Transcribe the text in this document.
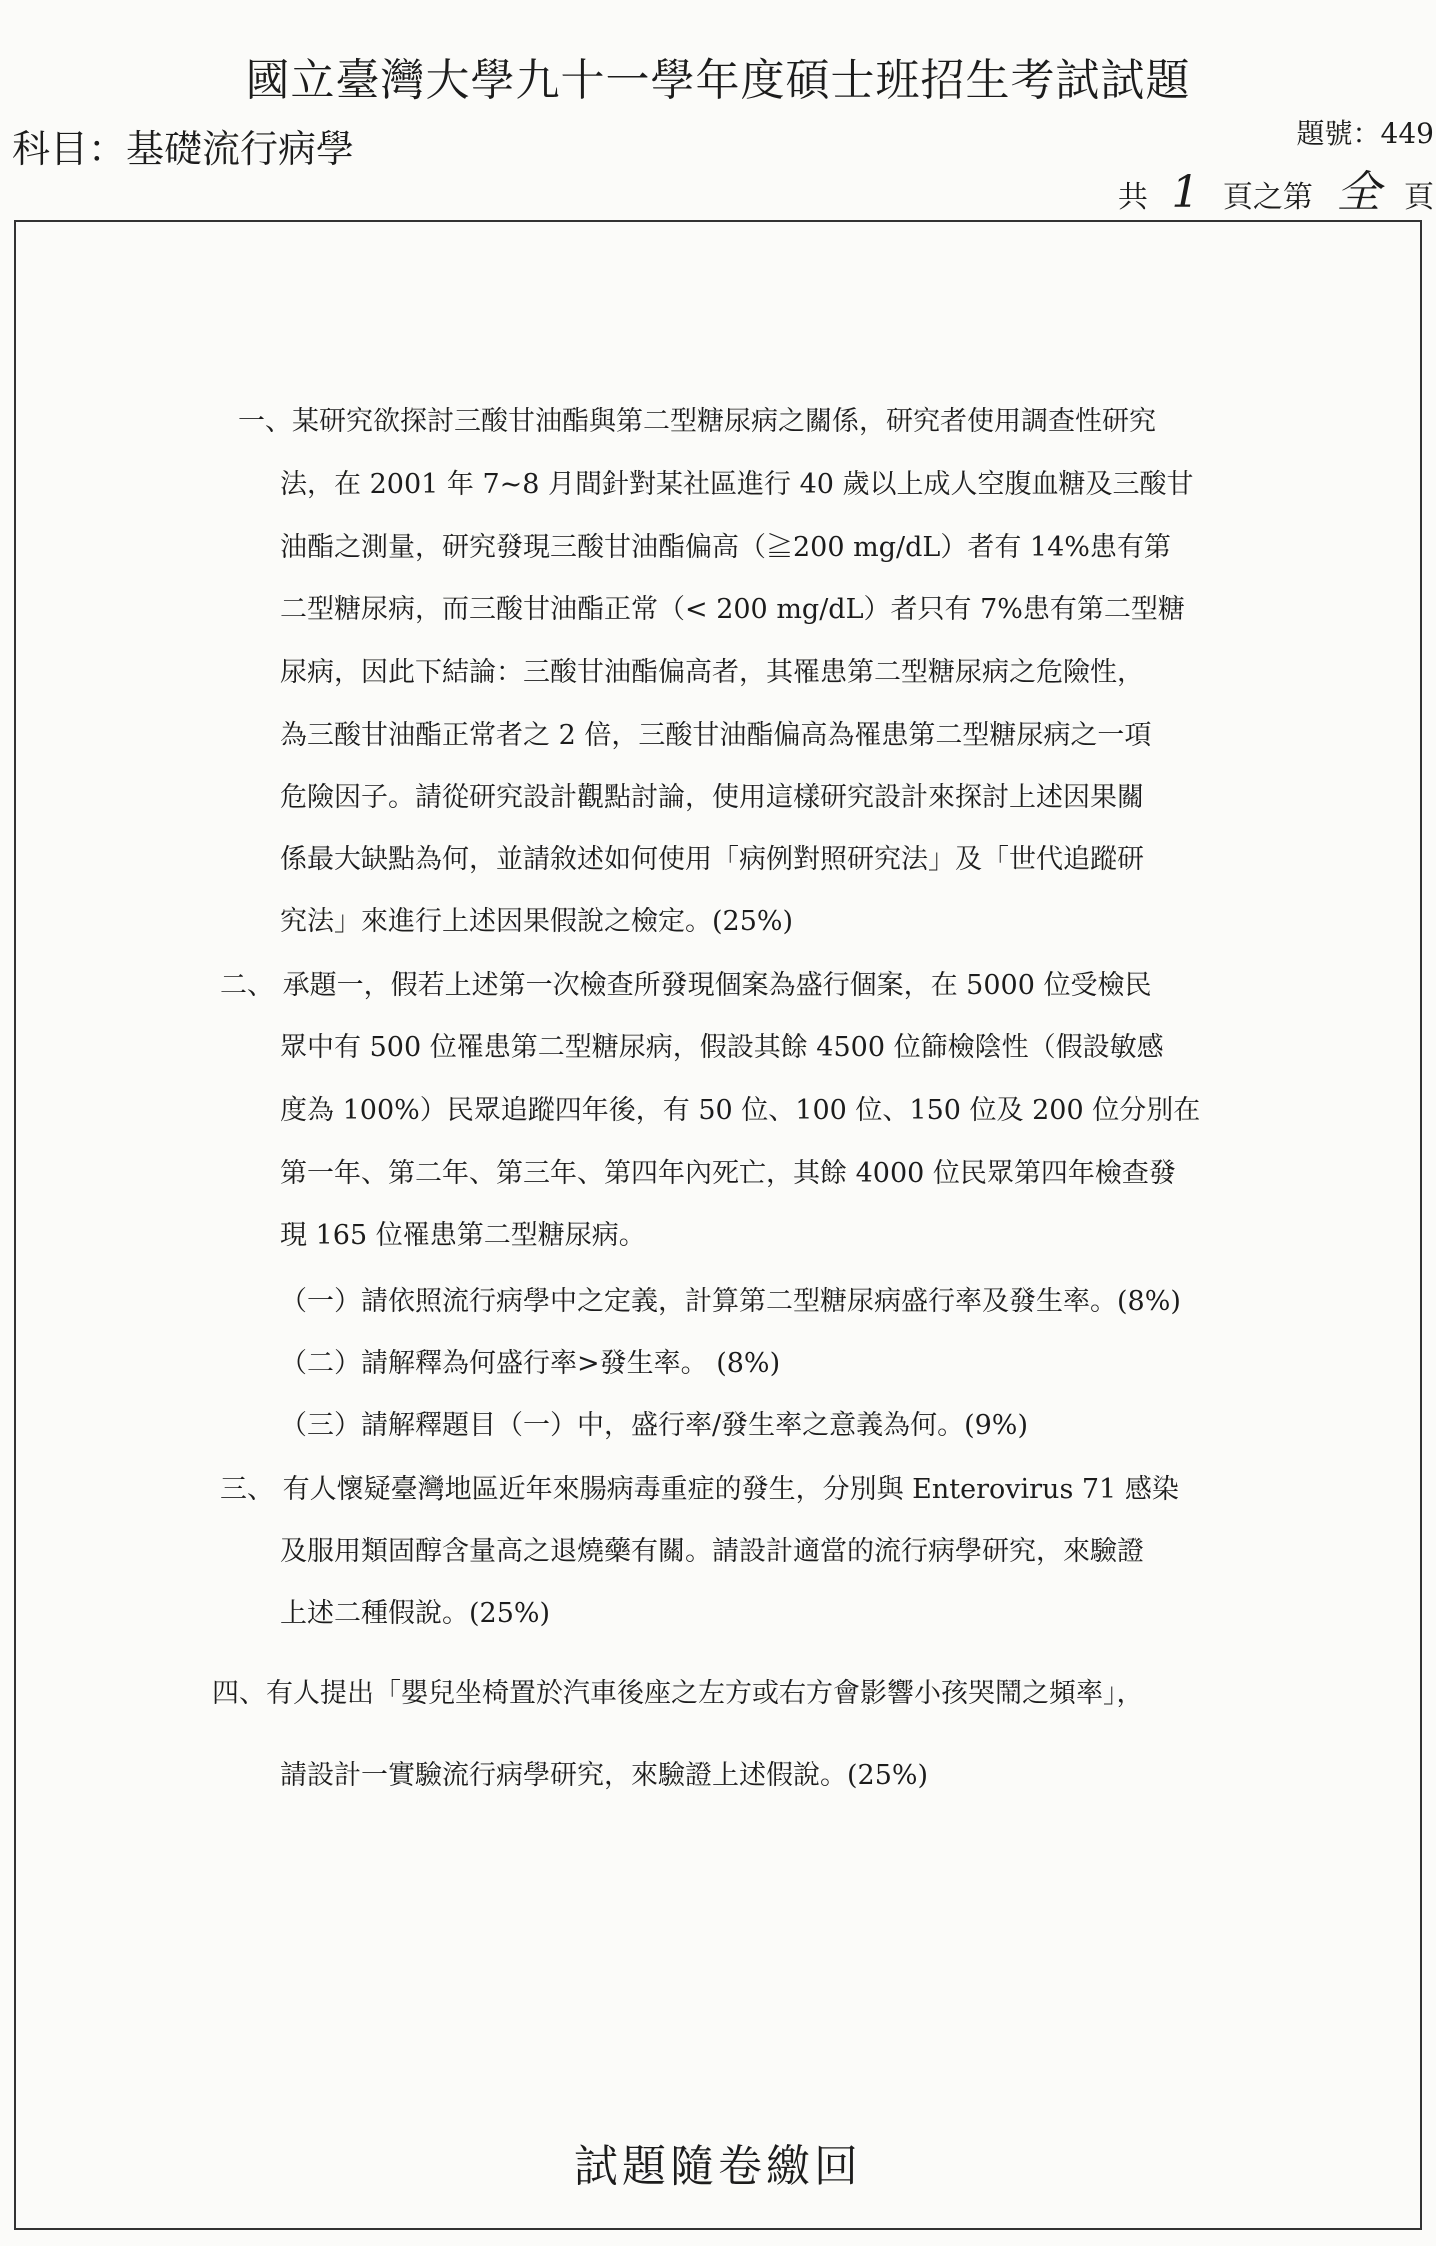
國立臺灣大學九十一學年度碩士班招生考試試題
科目：基礎流行病學	題號：449
共 1 頁之第 全 頁
一、某研究欲探討三酸甘油酯與第二型糖尿病之關係，研究者使用調查性研究
法，在 2001 年 7~8 月間針對某社區進行 40 歲以上成人空腹血糖及三酸甘
油酯之測量，研究發現三酸甘油酯偏高（≧200 mg/dL）者有 14%患有第
二型糖尿病，而三酸甘油酯正常（< 200 mg/dL）者只有 7%患有第二型糖
尿病，因此下結論：三酸甘油酯偏高者，其罹患第二型糖尿病之危險性，
為三酸甘油酯正常者之 2 倍，三酸甘油酯偏高為罹患第二型糖尿病之一項
危險因子。請從研究設計觀點討論，使用這樣研究設計來探討上述因果關
係最大缺點為何，並請敘述如何使用「病例對照研究法」及「世代追蹤研
究法」來進行上述因果假說之檢定。(25%)
二、 承題一，假若上述第一次檢查所發現個案為盛行個案，在 5000 位受檢民
眾中有 500 位罹患第二型糖尿病，假設其餘 4500 位篩檢陰性（假設敏感
度為 100%）民眾追蹤四年後，有 50 位、100 位、150 位及 200 位分別在
第一年、第二年、第三年、第四年內死亡，其餘 4000 位民眾第四年檢查發
現 165 位罹患第二型糖尿病。
（一）請依照流行病學中之定義，計算第二型糖尿病盛行率及發生率。(8%)
（二）請解釋為何盛行率>發生率。 (8%)
（三）請解釋題目（一）中，盛行率/發生率之意義為何。(9%)
三、 有人懷疑臺灣地區近年來腸病毒重症的發生，分別與 Enterovirus 71 感染
及服用類固醇含量高之退燒藥有關。請設計適當的流行病學研究，來驗證
上述二種假說。(25%)
四、有人提出「嬰兒坐椅置於汽車後座之左方或右方會影響小孩哭鬧之頻率」，
請設計一實驗流行病學研究，來驗證上述假說。(25%)
試題隨卷繳回
